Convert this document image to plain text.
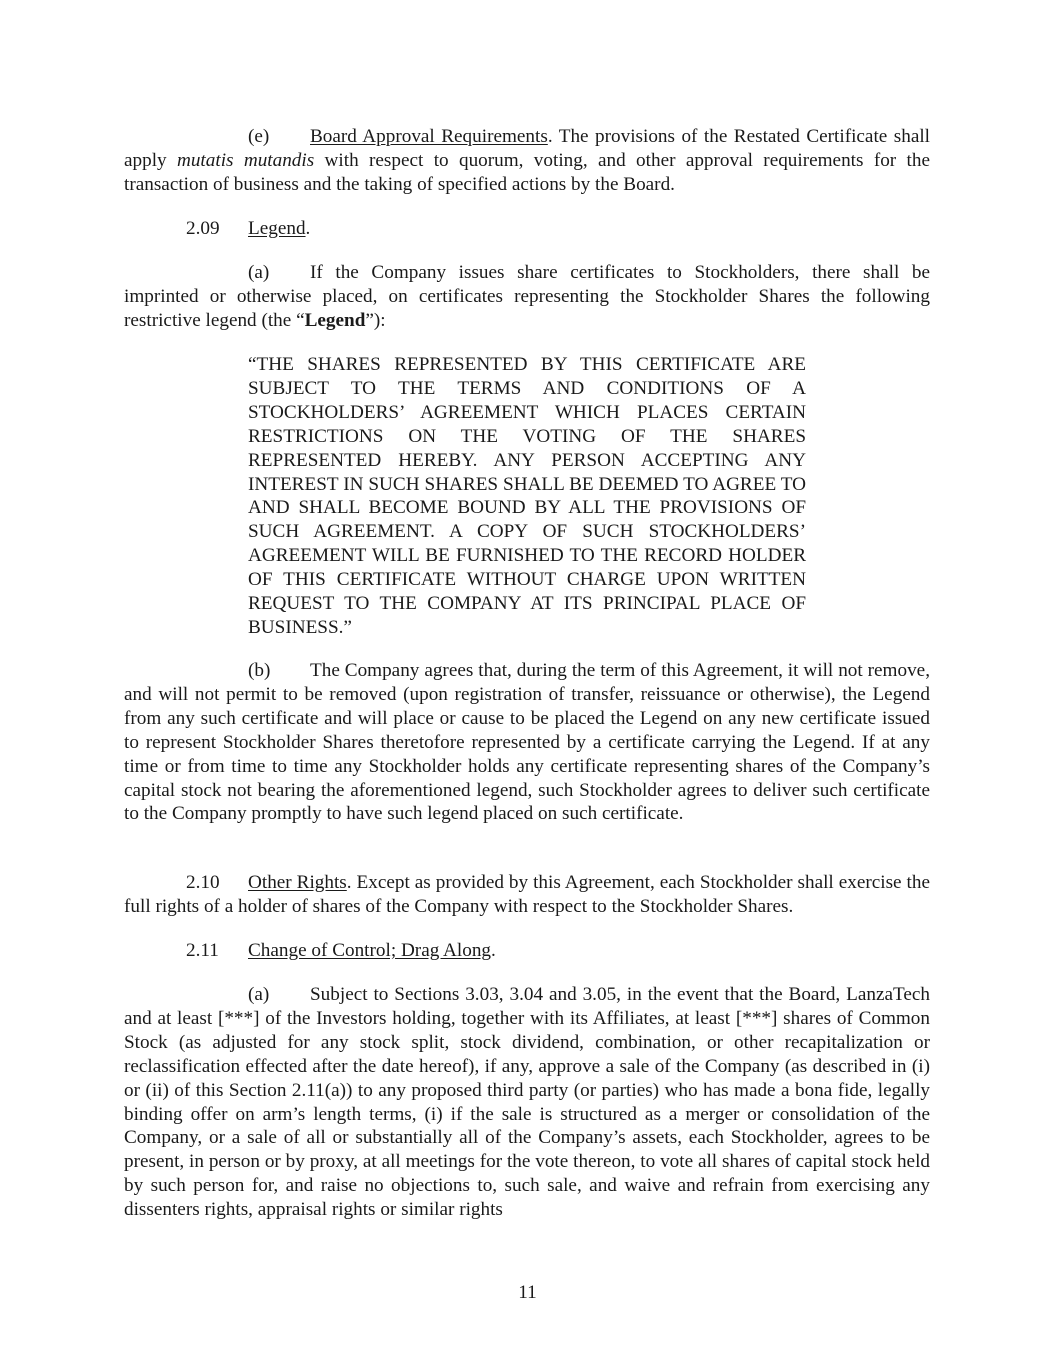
(e) Board Approval Requirements. The provisions of the Restated Certificate shall apply mutatis mutandis with respect to quorum, voting, and other approval requirements for the transaction of business and the taking of specified actions by the Board.

2.09 Legend.

(a) If the Company issues share certificates to Stockholders, there shall be imprinted or otherwise placed, on certificates representing the Stockholder Shares the following restrictive legend (the “Legend”):

“THE SHARES REPRESENTED BY THIS CERTIFICATE ARE SUBJECT TO THE TERMS AND CONDITIONS OF A STOCKHOLDERS’ AGREEMENT WHICH PLACES CERTAIN RESTRICTIONS ON THE VOTING OF THE SHARES REPRESENTED HEREBY. ANY PERSON ACCEPTING ANY INTEREST IN SUCH SHARES SHALL BE DEEMED TO AGREE TO AND SHALL BECOME BOUND BY ALL THE PROVISIONS OF SUCH AGREEMENT. A COPY OF SUCH STOCKHOLDERS’ AGREEMENT WILL BE FURNISHED TO THE RECORD HOLDER OF THIS CERTIFICATE WITHOUT CHARGE UPON WRITTEN REQUEST TO THE COMPANY AT ITS PRINCIPAL PLACE OF BUSINESS.”

(b) The Company agrees that, during the term of this Agreement, it will not remove, and will not permit to be removed (upon registration of transfer, reissuance or otherwise), the Legend from any such certificate and will place or cause to be placed the Legend on any new certificate issued to represent Stockholder Shares theretofore represented by a certificate carrying the Legend. If at any time or from time to time any Stockholder holds any certificate representing shares of the Company’s capital stock not bearing the aforementioned legend, such Stockholder agrees to deliver such certificate to the Company promptly to have such legend placed on such certificate.

2.10 Other Rights. Except as provided by this Agreement, each Stockholder shall exercise the full rights of a holder of shares of the Company with respect to the Stockholder Shares.

2.11 Change of Control; Drag Along.

(a) Subject to Sections 3.03, 3.04 and 3.05, in the event that the Board, LanzaTech and at least [***] of the Investors holding, together with its Affiliates, at least [***] shares of Common Stock (as adjusted for any stock split, stock dividend, combination, or other recapitalization or reclassification effected after the date hereof), if any, approve a sale of the Company (as described in (i) or (ii) of this Section 2.11(a)) to any proposed third party (or parties) who has made a bona fide, legally binding offer on arm’s length terms, (i) if the sale is structured as a merger or consolidation of the Company, or a sale of all or substantially all of the Company’s assets, each Stockholder, agrees to be present, in person or by proxy, at all meetings for the vote thereon, to vote all shares of capital stock held by such person for, and raise no objections to, such sale, and waive and refrain from exercising any dissenters rights, appraisal rights or similar rights

11
